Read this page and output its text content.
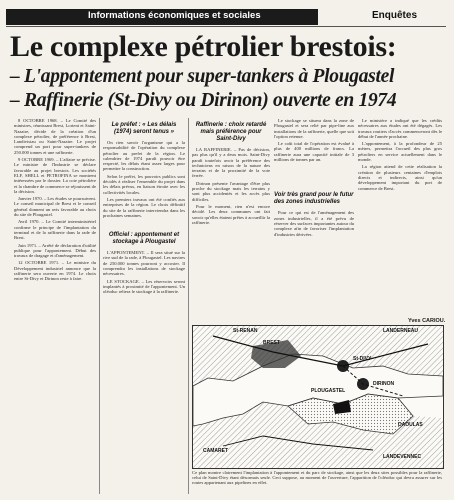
Informations économiques et sociales	Enquêtes
Le complexe pétrolier brestois:
– L'appontement pour super-tankers à Plougastel
– Raffinerie (St-Divy ou Dirinon) ouverte en 1974

8 OCTOBRE 1968. – Le Comité des ministres, réunissant Brest, Lorient et Saint-Nazaire, décide de la création d'un complexe pétrolier, de préférence à Brest, Landivisiau ou Saint-Nazaire. Le projet comprend un port pour super-tankers de 250.000 tonnes et une raffinerie.

9 OCTOBRE 1969. – L'affaire se précise. Le ministre de l'Industrie se déclare favorable au projet brestois. Les sociétés ELF, SHELL et PETROFINA se montrent intéressées par le dossier. La cote pétrolière et la chambre de commerce se réjouissent de la décision.

Janvier 1970. – Les études se poursuivent. Le conseil municipal de Brest et le conseil général donnent un avis favorable au choix du site de Plougastel.

Avril 1970. – Le Comité interministériel confirme le principe de l'implantation du terminal et de la raffinerie dans la rade de Brest.

Juin 1971. – Arrêté de déclaration d'utilité publique pour l'appontement. Début des travaux de dragage et d'aménagement.

12 OCTOBRE 1971. – Le ministre du Développement industriel annonce que la raffinerie sera ouverte en 1974. Le choix entre St-Divy et Dirinon reste à faire.

Le préfet : « Les délais (1974) seront tenus »

On rien savoir l'organisme qui a la responsabilité de l'opération du complexe pétrolier au prefet de la région. Le calendrier de 1974 paraît pouvoir être respecté, les délais étant assez larges pour permettre la construction.

Selon le préfet, les pouvoirs publics sont décidés à réaliser l'ensemble du projet dans les délais prévus, en liaison étroite avec les collectivités locales.

Les premiers travaux ont été confiés aux entreprises de la région. Le choix définitif du site de la raffinerie interviendra dans les prochaines semaines.

Officiel : appontement et stockage à Plougastel

L'APPONTEMENT. – Il sera situé sur la rive sud de la rade, à Plougastel. Les navires de 250.000 tonnes pourront y accoster. Il comprendra les installations de stockage nécessaires.

LE STOCKAGE. – Les réservoirs seront implantés à proximité de l'appontement. Un oléoduc reliera le stockage à la raffinerie.

Raffinerie : choix retardé mais préférence pour Saint-Divy

LA RAFFINERIE. – Pas de décision, pas plus qu'il y a deux mois. Saint-Divy paraît toutefois avoir la préférence des techniciens en raison de la nature des terrains et de la proximité de la voie ferrée.

Dirinon présente l'avantage d'être plus proche du stockage mais les terrains y sont plus accidentés et les accès plus difficiles.

Pour le moment, rien n'est encore décidé. Les deux communes ont fait savoir qu'elles étaient prêtes à accueillir la raffinerie.

Le stockage se situera dans la zone de Plougastel et sera relié par pipe-line aux installations de la raffinerie, quelle que soit l'option retenue.

Le coût total de l'opération est évalué à plus de 400 millions de francs. La raffinerie aura une capacité initiale de 3 millions de tonnes par an.

Voir très grand pour le futur des zones industrielles

Pour ce qui est de l'aménagement des zones industrielles, il a été prévu de réserver des surfaces importantes autour du complexe afin de favoriser l'implantation d'industries dérivées.

Le ministère a indiqué que les crédits nécessaires aux études ont été dégagés. Les travaux routiers d'accès commenceront dès le début de l'année prochaine.

L'appontement, à la profondeur de 25 mètres, permettra l'accueil des plus gros pétroliers en service actuellement dans le monde.

La région attend de cette réalisation la création de plusieurs centaines d'emplois directs et indirects, ainsi qu'un développement important du port de commerce de Brest.

Yves CARIOU.
St-RENAN
BREST
LANDERNEAU
St-DIVY
DIRINON
PLOUGASTEL
DAOULAS
CAMARET
LANDEVENNEC
Ce plan montre clairement l'implantation à l'appontement et du parc de stockage, ainsi que les deux sites possibles pour la raffinerie, celui de Saint-Divy étant désormais seule. Ceci suppose, au moment de l'ouverture, l'apparition de l'oléoduc qui devra assurer sur les routes appartenant aux pipelines en effet.
